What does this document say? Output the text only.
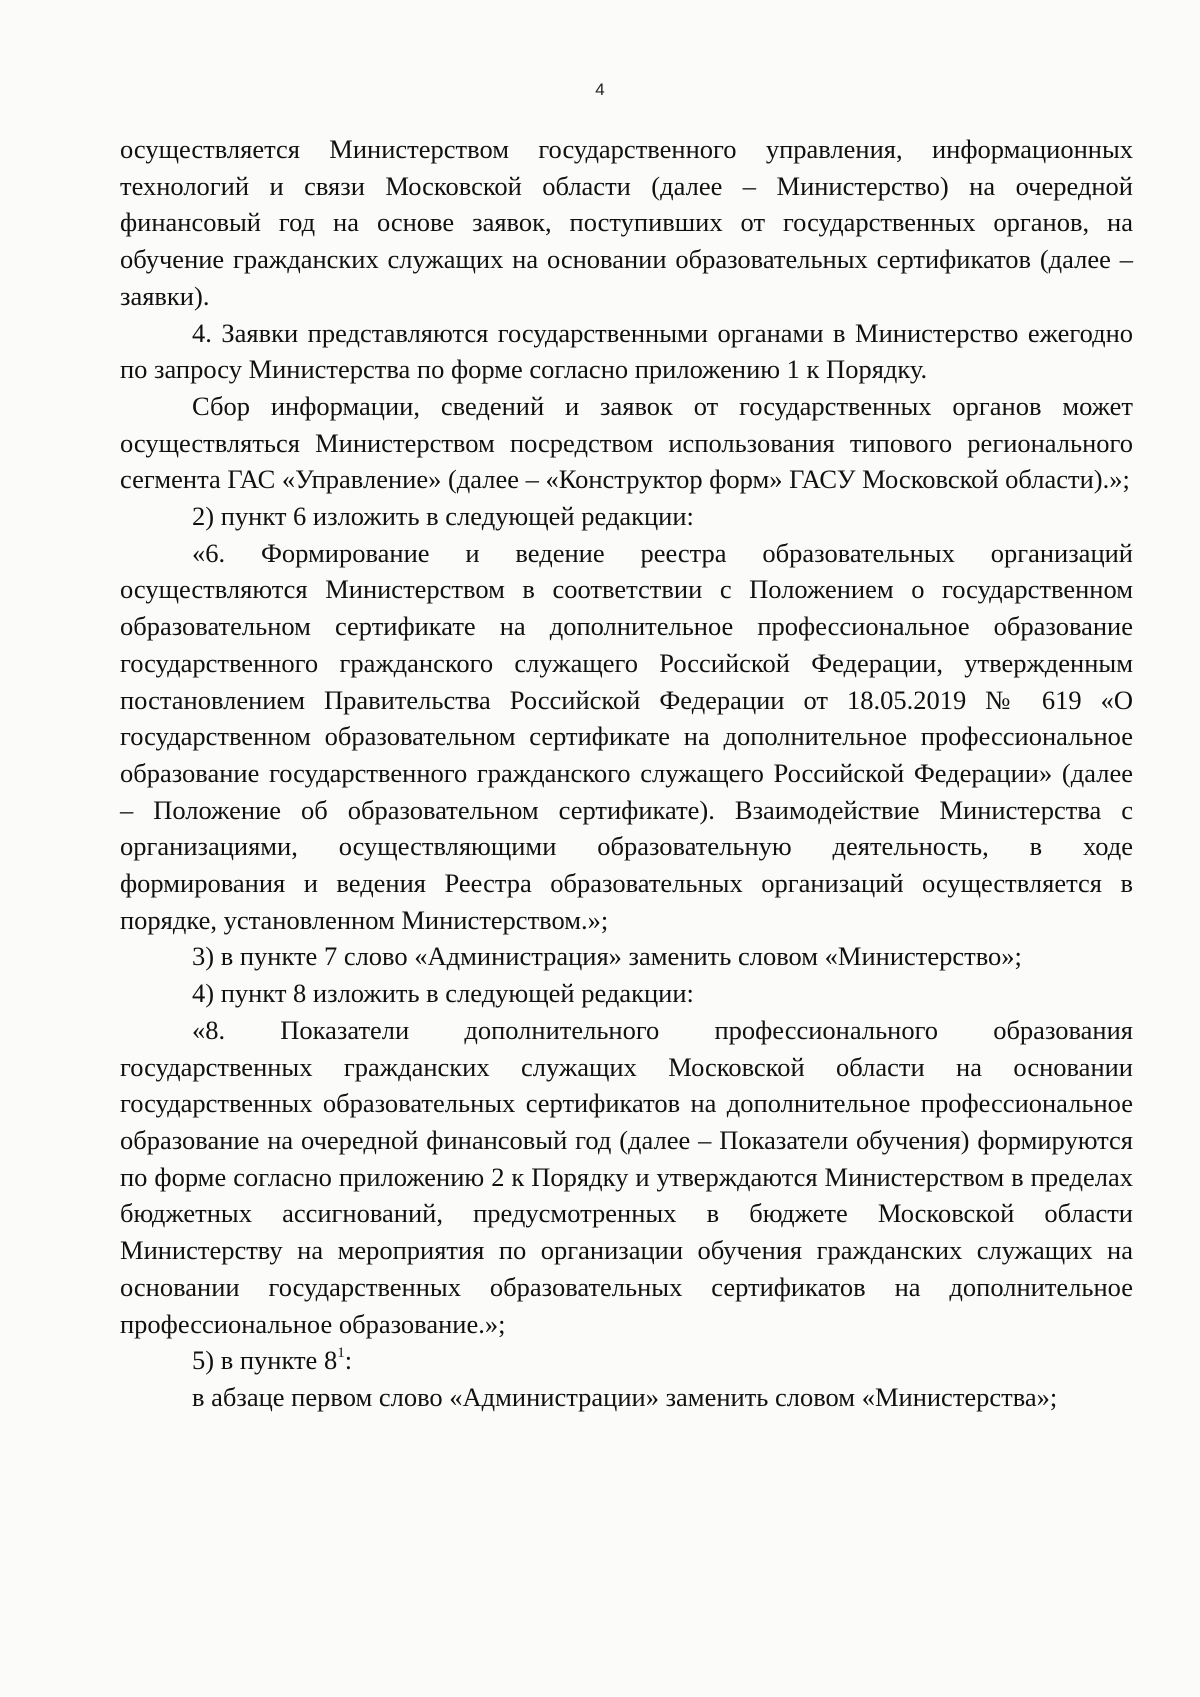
4

осуществляется Министерством государственного управления, информационных технологий и связи Московской области (далее – Министерство) на очередной финансовый год на основе заявок, поступивших от государственных органов, на обучение гражданских служащих на основании образовательных сертификатов (далее – заявки).

4. Заявки представляются государственными органами в Министерство ежегодно по запросу Министерства по форме согласно приложению 1 к Порядку.

Сбор информации, сведений и заявок от государственных органов может осуществляться Министерством посредством использования типового регионального сегмента ГАС «Управление» (далее – «Конструктор форм» ГАСУ Московской области).»;

2) пункт 6 изложить в следующей редакции:

«6. Формирование и ведение реестра образовательных организаций осуществляются Министерством в соответствии с Положением о государственном образовательном сертификате на дополнительное профессиональное образование государственного гражданского служащего Российской Федерации, утвержденным постановлением Правительства Российской Федерации от 18.05.2019 № 619 «О государственном образовательном сертификате на дополнительное профессиональное образование государственного гражданского служащего Российской Федерации» (далее – Положение об образовательном сертификате). Взаимодействие Министерства с организациями, осуществляющими образовательную деятельность, в ходе формирования и ведения Реестра образовательных организаций осуществляется в порядке, установленном Министерством.»;

3) в пункте 7 слово «Администрация» заменить словом «Министерство»;

4) пункт 8 изложить в следующей редакции:

«8. Показатели дополнительного профессионального образования государственных гражданских служащих Московской области на основании государственных образовательных сертификатов на дополнительное профессиональное образование на очередной финансовый год (далее – Показатели обучения) формируются по форме согласно приложению 2 к Порядку и утверждаются Министерством в пределах бюджетных ассигнований, предусмотренных в бюджете Московской области Министерству на мероприятия по организации обучения гражданских служащих на основании государственных образовательных сертификатов на дополнительное профессиональное образование.»;

5) в пункте $8^1$:

в абзаце первом слово «Администрации» заменить словом «Министерства»;
